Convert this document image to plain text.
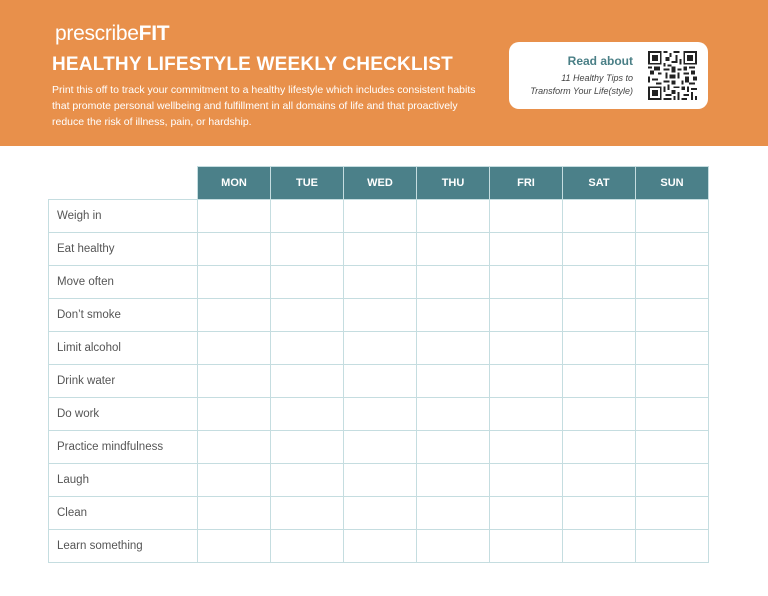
prescribeFIT
HEALTHY LIFESTYLE WEEKLY CHECKLIST
Print this off to track your commitment to a healthy lifestyle which includes consistent habits that promote personal wellbeing and fulfillment in all domains of life and that proactively reduce the risk of illness, pain, or hardship.
Read about
11 Healthy Tips to
Transform Your Life(style)
	MON	TUE	WED	THU	FRI	SAT	SUN
Weigh in							
Eat healthy							
Move often							
Don’t smoke							
Limit alcohol							
Drink water							
Do work							
Practice mindfulness							
Laugh							
Clean							
Learn something							
